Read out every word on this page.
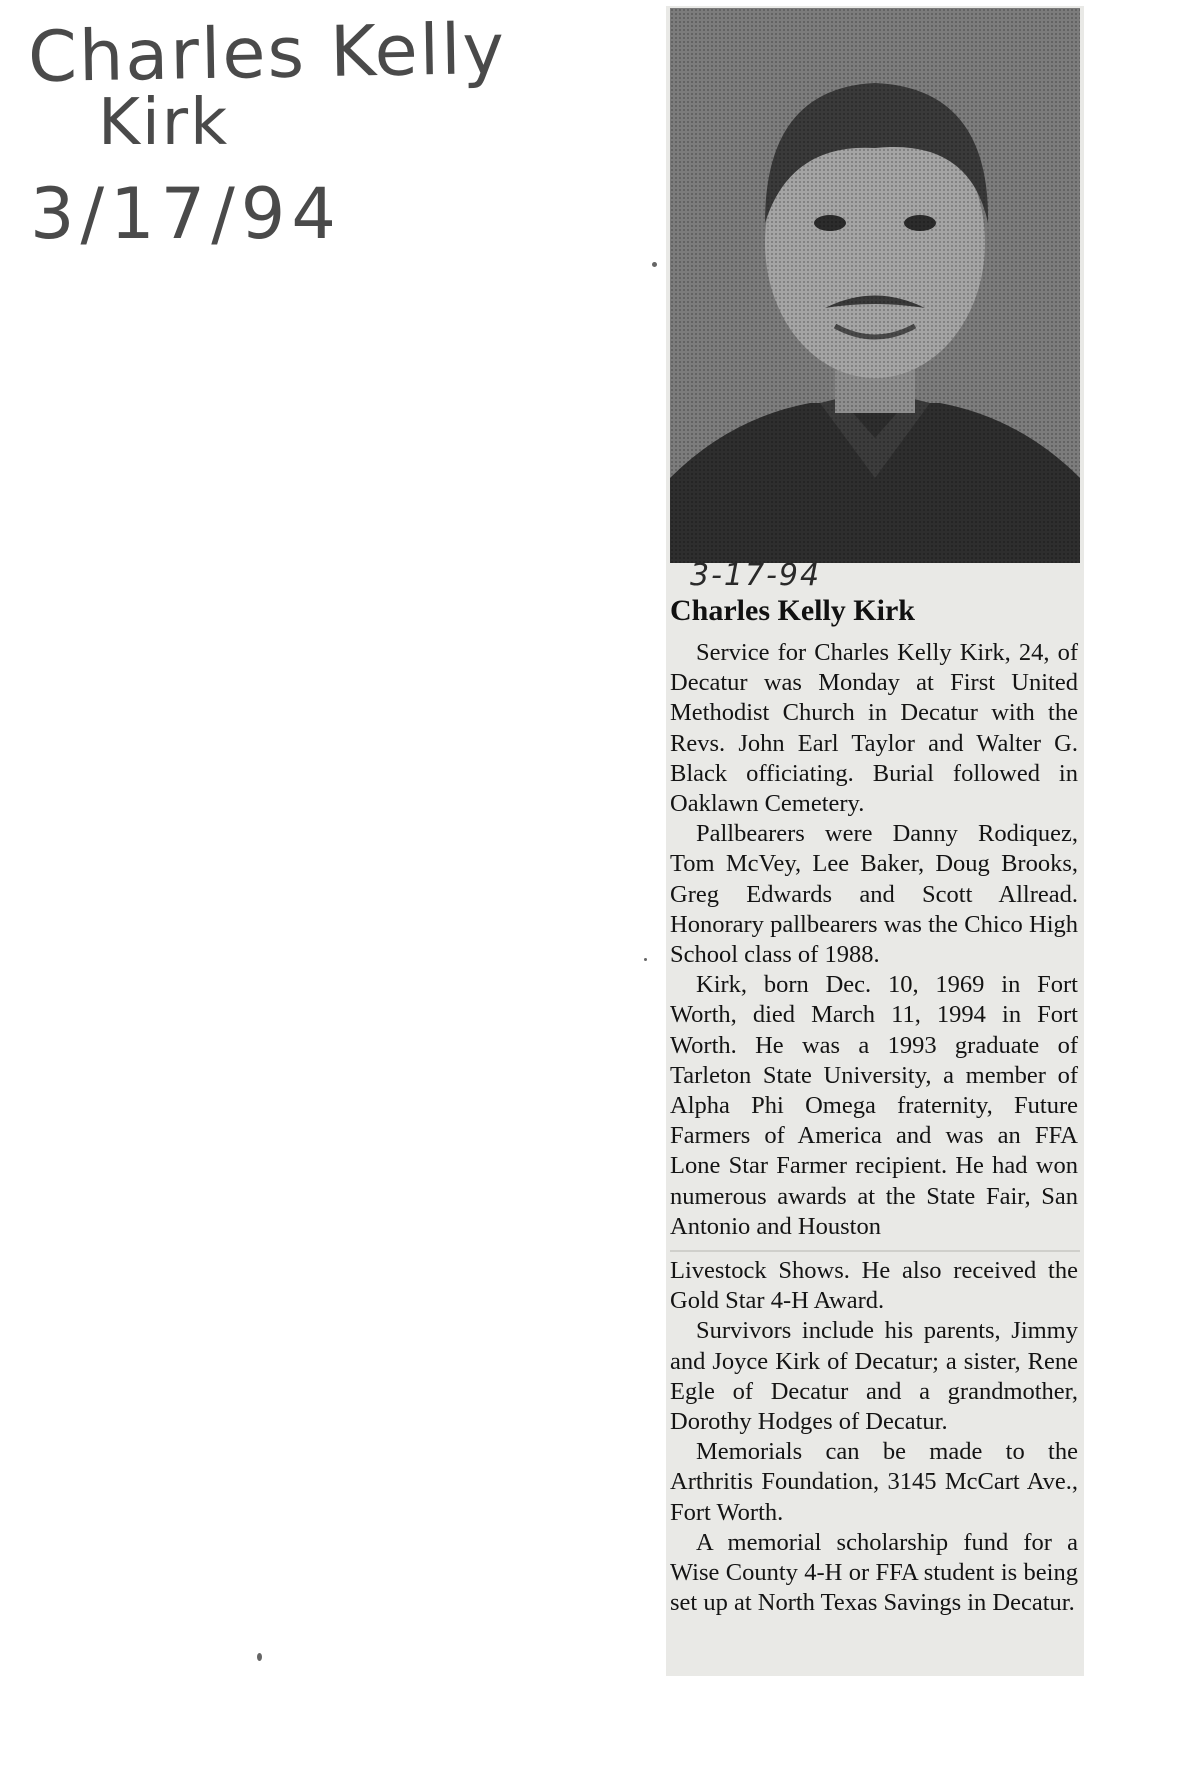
Charles Kelly
Kirk
3/17/94
3-17-94
Charles Kelly Kirk

Service for Charles Kelly Kirk, 24, of Decatur was Monday at First United Methodist Church in Decatur with the Revs. John Earl Taylor and Walter G. Black officiating. Burial followed in Oaklawn Cemetery.

Pallbearers were Danny Rodiquez, Tom McVey, Lee Baker, Doug Brooks, Greg Edwards and Scott Allread. Honorary pallbearers was the Chico High School class of 1988.

Kirk, born Dec. 10, 1969 in Fort Worth, died March 11, 1994 in Fort Worth. He was a 1993 graduate of Tarleton State University, a member of Alpha Phi Omega fraternity, Future Farmers of America and was an FFA Lone Star Farmer recipient. He had won numerous awards at the State Fair, San Antonio and Houston

Livestock Shows. He also received the Gold Star 4-H Award.

Survivors include his parents, Jimmy and Joyce Kirk of Decatur; a sister, Rene Egle of Decatur and a grandmother, Dorothy Hodges of Decatur.

Memorials can be made to the Arthritis Foundation, 3145 McCart Ave., Fort Worth.

A memorial scholarship fund for a Wise County 4-H or FFA student is being set up at North Texas Savings in Decatur.
